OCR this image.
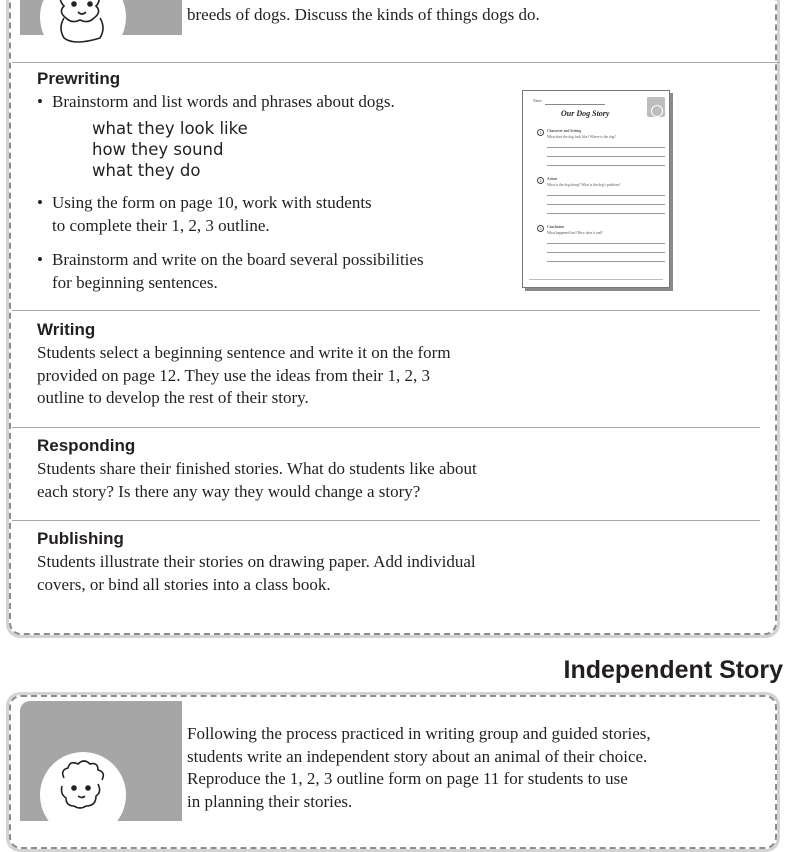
breeds of dogs. Discuss the kinds of things dogs do.

Prewriting
• Brainstorm and list words and phrases about dogs.

what they look like

how they sound

what they do

• Using the form on page 10, work with students
to complete their 1, 2, 3 outline.
• Brainstorm and write on the board several possibilities
for beginning sentences.
Name
Our Dog Story
1	Character and Setting
What does the dog look like? Where is the dog?
2	Action
What is the dog doing? What is the dog's problem?
3	Conclusion
What happened last? How does it end?
Writing

Students select a beginning sentence and write it on the form
provided on page 12. They use the ideas from their 1, 2, 3
outline to develop the rest of their story.

Responding

Students share their finished stories. What do students like about
each story? Is there any way they would change a story?

Publishing

Students illustrate their stories on drawing paper. Add individual
covers, or bind all stories into a class book.

Independent Story

Following the process practiced in writing group and guided stories,
students write an independent story about an animal of their choice.
Reproduce the 1, 2, 3 outline form on page 11 for students to use
in planning their stories.
